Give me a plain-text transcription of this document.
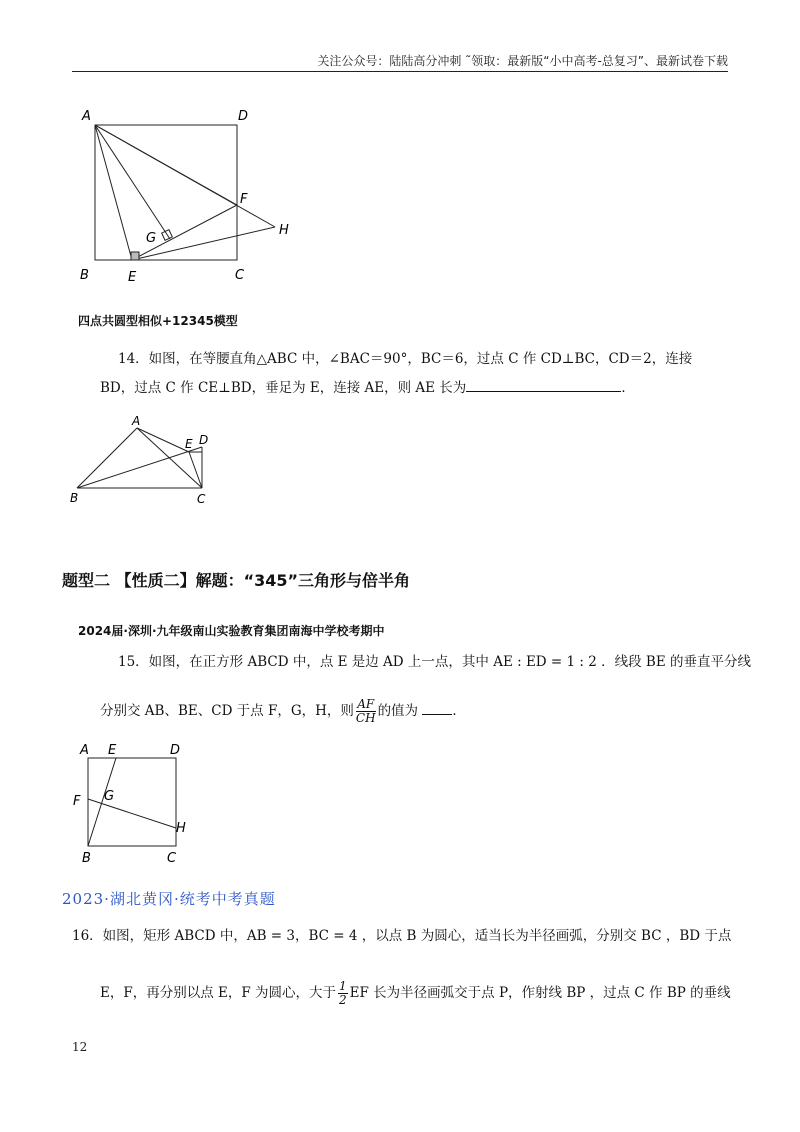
关注公众号：陆陆高分冲刺 ˜领取：最新版“小中高考-总复习”、最新试卷下载
A	D
F
G
H
B	E	C
四点共圆型相似+12345模型
14．如图，在等腰直角△ABC 中，∠BAC＝90°，BC＝6，过点 C 作 CD⊥BC，CD＝2，连接
BD，过点 C 作 CE⊥BD，垂足为 E，连接 AE，则 AE 长为	．
A
E D
B	C
题型二 【性质二】解题：“345”三角形与倍半角
2024届·深圳·九年级南山实验教育集团南海中学校考期中
15．如图，在正方形 ABCD 中，点 E 是边 AD 上一点，其中 AE : ED = 1 : 2 ．线段 BE 的垂直平分线
分别交 AB、BE、CD 于点 F，G，H，则 $\frac{AF}{CH}$ 的值为	．
A E	D
F G
H
B	C
2023·湖北黄冈·统考中考真题
16．如图，矩形 ABCD 中，AB = 3，BC = 4 ，以点 B 为圆心，适当长为半径画弧，分别交 BC ，BD 于点
E，F，再分别以点 E，F 为圆心，大于 $\frac{1}{2}$ EF 长为半径画弧交于点 P，作射线 BP ，过点 C 作 BP 的垂线
12
